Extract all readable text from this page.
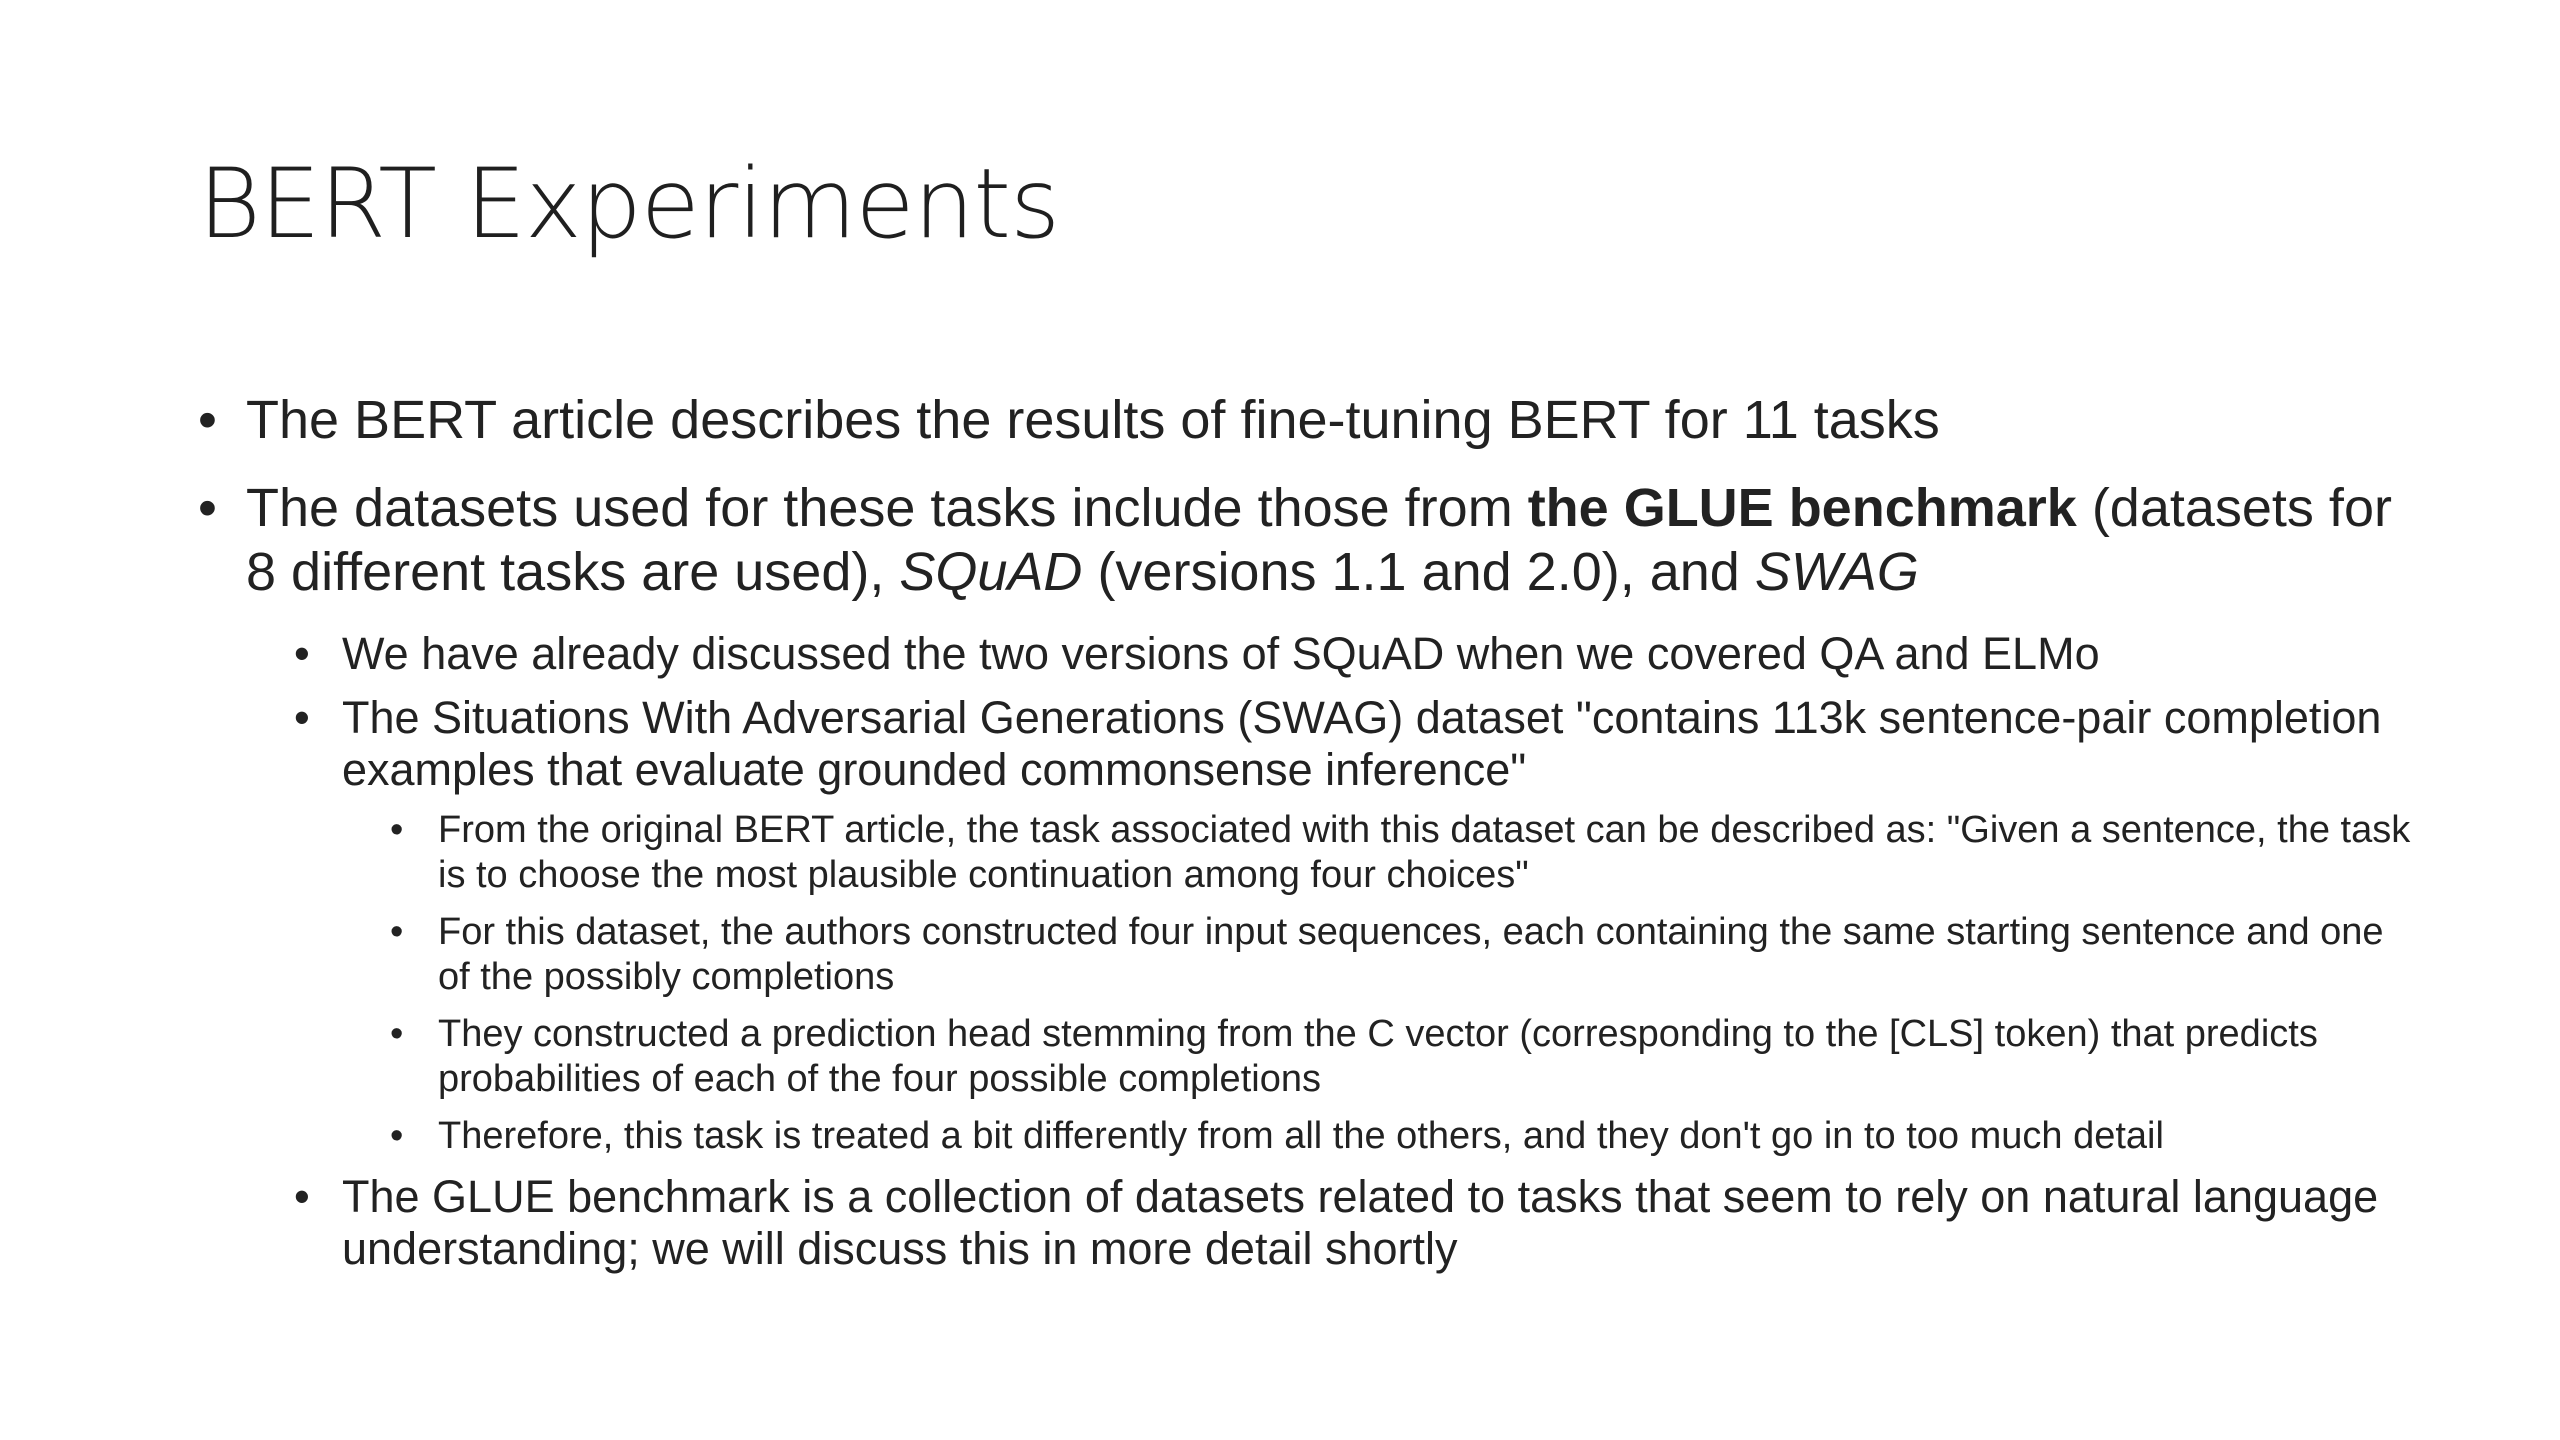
BERT Experiments

• The BERT article describes the results of fine-tuning BERT for 11 tasks

• The datasets used for these tasks include those from the GLUE benchmark (datasets for 8 different tasks are used), SQuAD (versions 1.1 and 2.0), and SWAG

• We have already discussed the two versions of SQuAD when we covered QA and ELMo

• The Situations With Adversarial Generations (SWAG) dataset "contains 113k sentence-pair completion examples that evaluate grounded commonsense inference"

• From the original BERT article, the task associated with this dataset can be described as: "Given a sentence, the task is to choose the most plausible continuation among four choices"

• For this dataset, the authors constructed four input sequences, each containing the same starting sentence and one of the possibly completions

• They constructed a prediction head stemming from the C vector (corresponding to the [CLS] token) that predicts probabilities of each of the four possible completions

• Therefore, this task is treated a bit differently from all the others, and they don't go in to too much detail

• The GLUE benchmark is a collection of datasets related to tasks that seem to rely on natural language understanding; we will discuss this in more detail shortly
